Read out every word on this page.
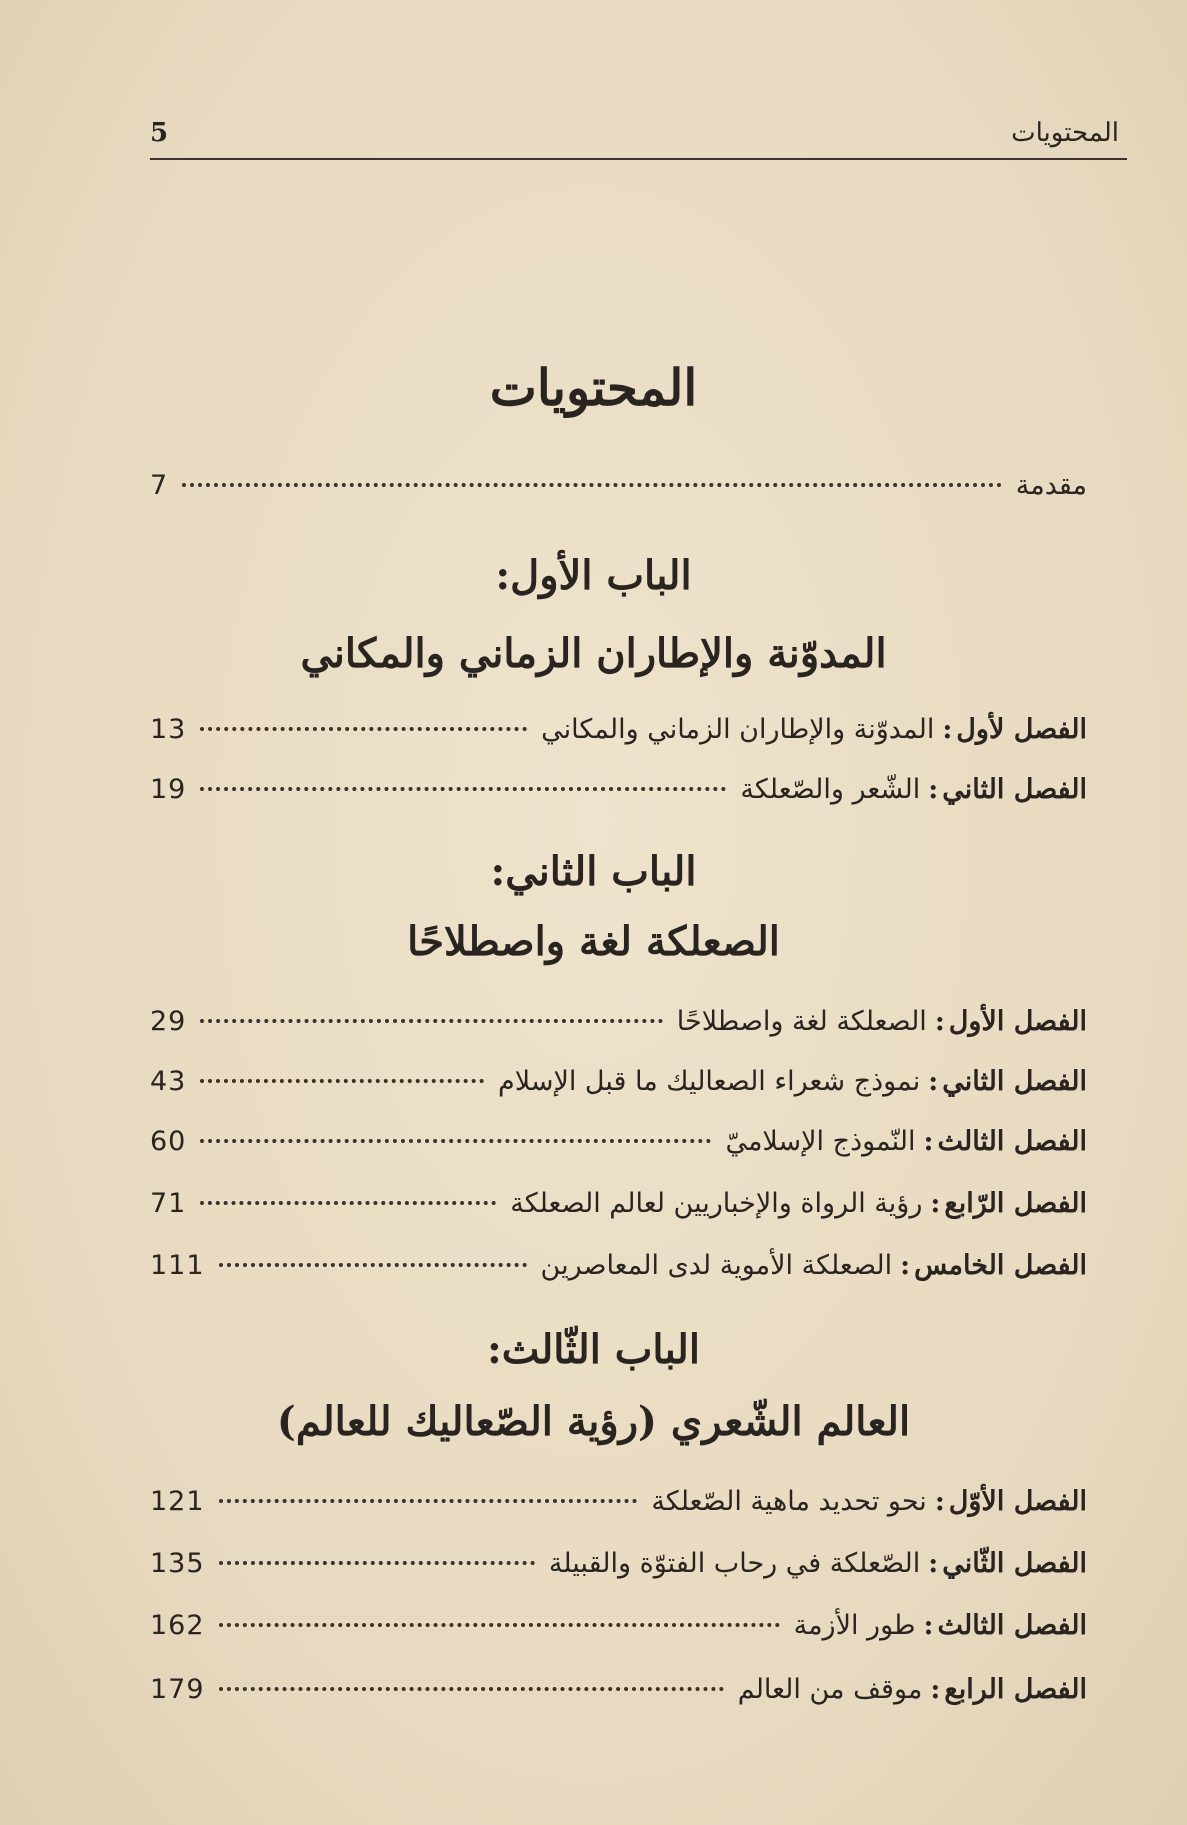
المحتويات
5
المحتويات
مقدمة
7
الباب الأول:
المدوّنة والإطاران الزماني والمكاني
الفصل لأول
:
المدوّنة والإطاران الزماني والمكاني
13
الفصل الثاني
:
الشّعر والصّعلكة
19
الباب الثاني:
الصعلكة لغة واصطلاحًا
الفصل الأول
:
الصعلكة لغة واصطلاحًا
29
الفصل الثاني
:
نموذج شعراء الصعاليك ما قبل الإسلام
43
الفصل الثالث
:
النّموذج الإسلاميّ
60
الفصل الرّابع
:
رؤية الرواة والإخباريين لعالم الصعلكة
71
الفصل الخامس
:
الصعلكة الأموية لدى المعاصرين
111
الباب الثّالث:
العالم الشّعري (رؤية الصّعاليك للعالم)
الفصل الأوّل
:
نحو تحديد ماهية الصّعلكة
121
الفصل الثّاني
:
الصّعلكة في رحاب الفتوّة والقبيلة
135
الفصل الثالث
:
طور الأزمة
162
الفصل الرابع
:
موقف من العالم
179
